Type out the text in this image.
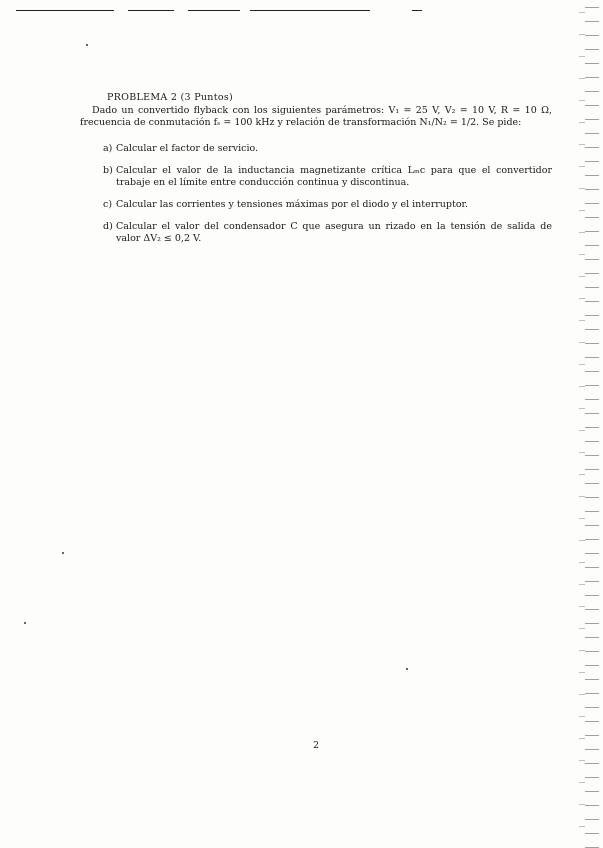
PROBLEMA 2 (3 Puntos)

Dado un convertido flyback con los siguientes parámetros: V₁ = 25 V, V₂ = 10 V, R = 10 Ω, frecuencia de conmutación fₛ = 100 kHz y relación de transformación N₁/N₂ = 1/2. Se pide:

a) Calcular el factor de servicio.
b) Calcular el valor de la inductancia magnetizante crítica Lₘc para que el convertidor trabaje en el límite entre conducción continua y discontinua.
c) Calcular las corrientes y tensiones máximas por el diodo y el interruptor.
d) Calcular el valor del condensador C que asegura un rizado en la tensión de salida de valor ΔV₂ ≤ 0,2 V.
2
